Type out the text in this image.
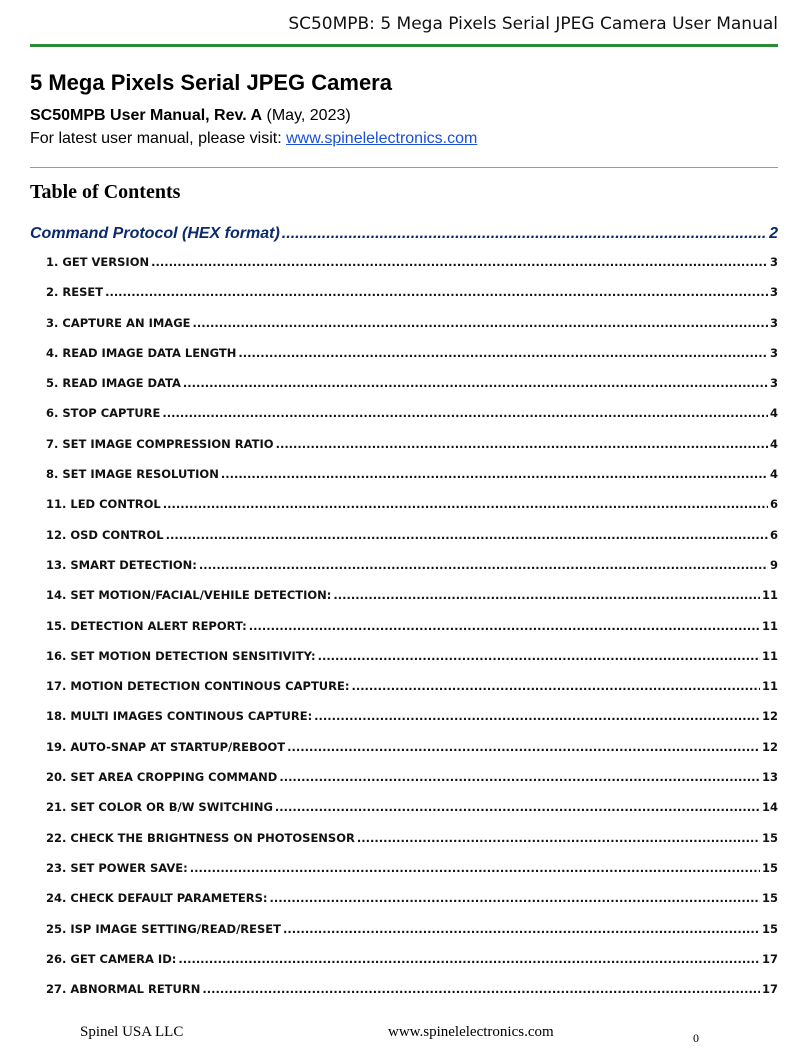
SC50MPB: 5 Mega Pixels Serial JPEG Camera User Manual
5 Mega Pixels Serial JPEG Camera
SC50MPB User Manual, Rev. A (May, 2023)
For latest user manual, please visit: www.spinelelectronics.com
Table of Contents
Command Protocol (HEX format) .....	2
1. GET VERSION .....	3
2. RESET .....	3
3. CAPTURE AN IMAGE .....	3
4. READ IMAGE DATA LENGTH .....	3
5. READ IMAGE DATA .....	3
6. STOP CAPTURE .....	4
7. SET IMAGE COMPRESSION RATIO .....	4
8. SET IMAGE RESOLUTION .....	4
11. LED CONTROL .....	6
12. OSD CONTROL .....	6
13. SMART DETECTION: .....	9
14. SET MOTION/FACIAL/VEHILE DETECTION: .....	11
15. DETECTION ALERT REPORT: .....	11
16. SET MOTION DETECTION SENSITIVITY: .....	11
17. MOTION DETECTION CONTINOUS CAPTURE: .....	11
18. MULTI IMAGES CONTINOUS CAPTURE: .....	12
19. AUTO-SNAP AT STARTUP/REBOOT .....	12
20. SET AREA CROPPING COMMAND .....	13
21. SET COLOR OR B/W SWITCHING .....	14
22. CHECK THE BRIGHTNESS ON PHOTOSENSOR .....	15
23. SET POWER SAVE: .....	15
24. CHECK DEFAULT PARAMETERS: .....	15
25. ISP IMAGE SETTING/READ/RESET .....	15
26. GET CAMERA ID: .....	17
27. ABNORMAL RETURN .....	17
Spinel USA LLC	www.spinelelectronics.com	0
